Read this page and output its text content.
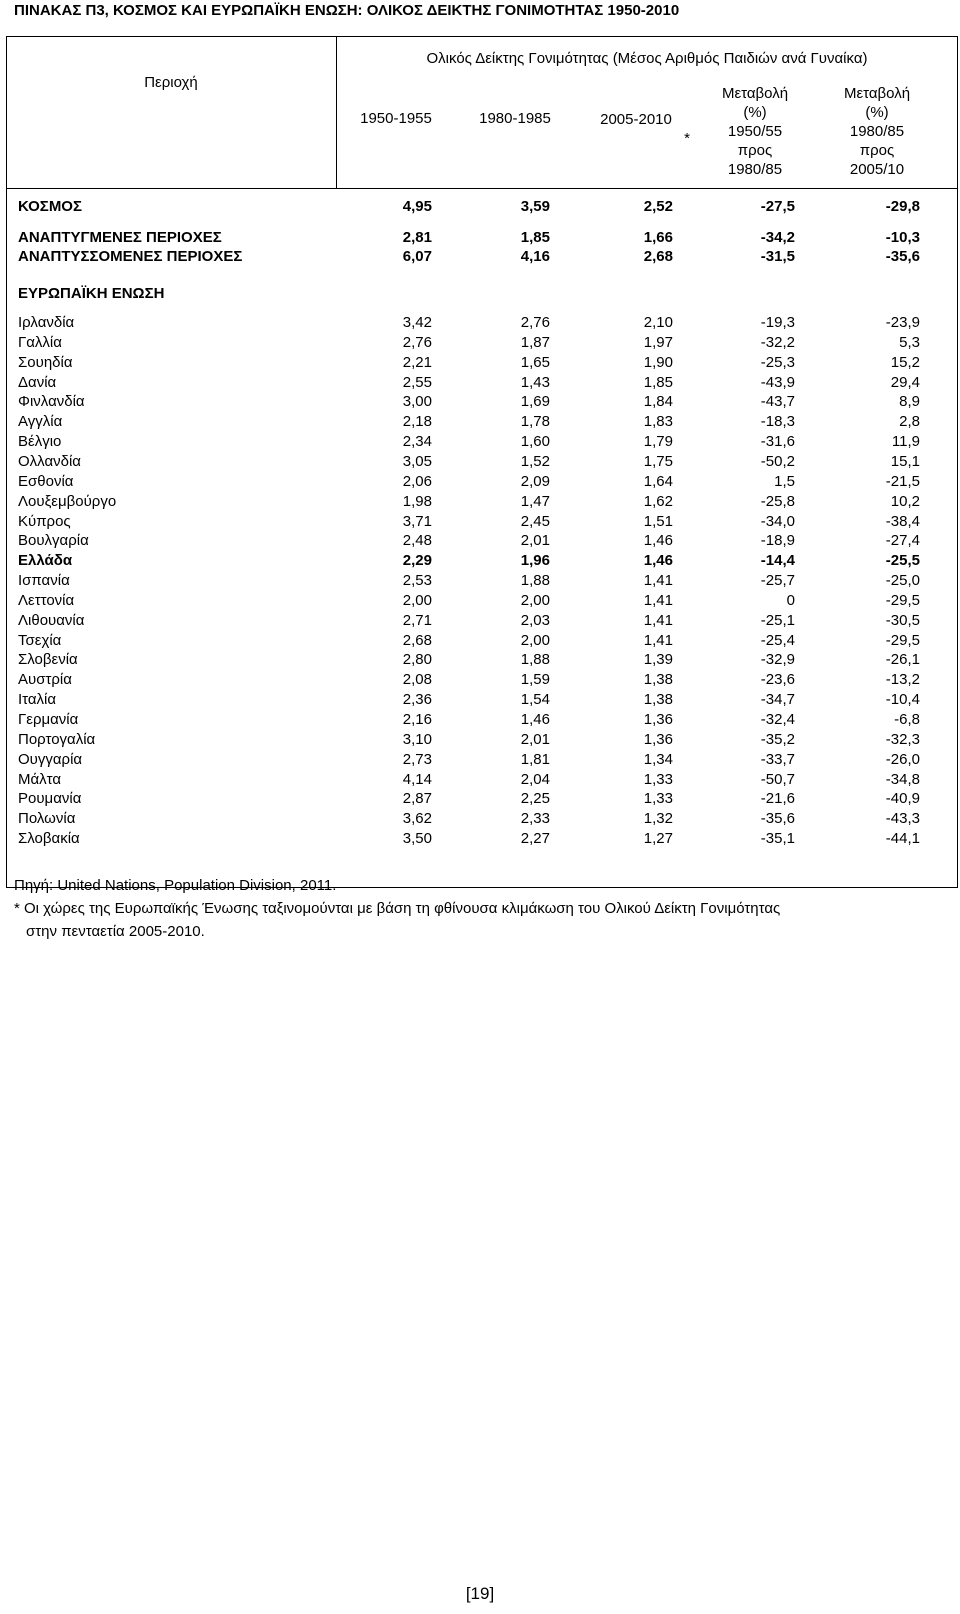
ΠΙΝΑΚΑΣ Π3, ΚΟΣΜΟΣ ΚΑΙ ΕΥΡΩΠΑΪΚΗ ΕΝΩΣΗ: ΟΛΙΚΟΣ ΔΕΙΚΤΗΣ ΓΟΝΙΜΟΤΗΤΑΣ 1950-2010
Περιοχή
Ολικός Δείκτης Γονιμότητας (Μέσος Αριθμός Παιδιών ανά Γυναίκα)
1950-1955	1980-1985	2005-2010
*
Μεταβολή
(%)
1950/55
προς
1980/85
Μεταβολή
(%)
1980/85
προς
2005/10
ΚΟΣΜΟΣ	4,95	3,59	2,52	-27,5	-29,8
ΑΝΑΠΤΥΓΜΕΝΕΣ ΠΕΡΙΟΧΕΣ	2,81	1,85	1,66	-34,2	-10,3
ΑΝΑΠΤΥΣΣΟΜΕΝΕΣ ΠΕΡΙΟΧΕΣ	6,07	4,16	2,68	-31,5	-35,6
ΕΥΡΩΠΑΪΚΗ ΕΝΩΣΗ
Ιρλανδία	3,42	2,76	2,10	-19,3	-23,9
Γαλλία	2,76	1,87	1,97	-32,2	5,3
Σουηδία	2,21	1,65	1,90	-25,3	15,2
Δανία	2,55	1,43	1,85	-43,9	29,4
Φινλανδία	3,00	1,69	1,84	-43,7	8,9
Αγγλία	2,18	1,78	1,83	-18,3	2,8
Βέλγιο	2,34	1,60	1,79	-31,6	11,9
Ολλανδία	3,05	1,52	1,75	-50,2	15,1
Εσθονία	2,06	2,09	1,64	1,5	-21,5
Λουξεμβούργο	1,98	1,47	1,62	-25,8	10,2
Κύπρος	3,71	2,45	1,51	-34,0	-38,4
Βουλγαρία	2,48	2,01	1,46	-18,9	-27,4
Ελλάδα	2,29	1,96	1,46	-14,4	-25,5
Ισπανία	2,53	1,88	1,41	-25,7	-25,0
Λεττονία	2,00	2,00	1,41	0	-29,5
Λιθουανία	2,71	2,03	1,41	-25,1	-30,5
Τσεχία	2,68	2,00	1,41	-25,4	-29,5
Σλοβενία	2,80	1,88	1,39	-32,9	-26,1
Αυστρία	2,08	1,59	1,38	-23,6	-13,2
Ιταλία	2,36	1,54	1,38	-34,7	-10,4
Γερμανία	2,16	1,46	1,36	-32,4	-6,8
Πορτογαλία	3,10	2,01	1,36	-35,2	-32,3
Ουγγαρία	2,73	1,81	1,34	-33,7	-26,0
Μάλτα	4,14	2,04	1,33	-50,7	-34,8
Ρουμανία	2,87	2,25	1,33	-21,6	-40,9
Πολωνία	3,62	2,33	1,32	-35,6	-43,3
Σλοβακία	3,50	2,27	1,27	-35,1	-44,1
Πηγή: United Nations, Population Division, 2011.
* Οι χώρες της Ευρωπαϊκής Ένωσης ταξινομούνται με βάση τη φθίνουσα κλιμάκωση του Ολικού Δείκτη Γονιμότητας
στην πενταετία 2005-2010.
[19]
